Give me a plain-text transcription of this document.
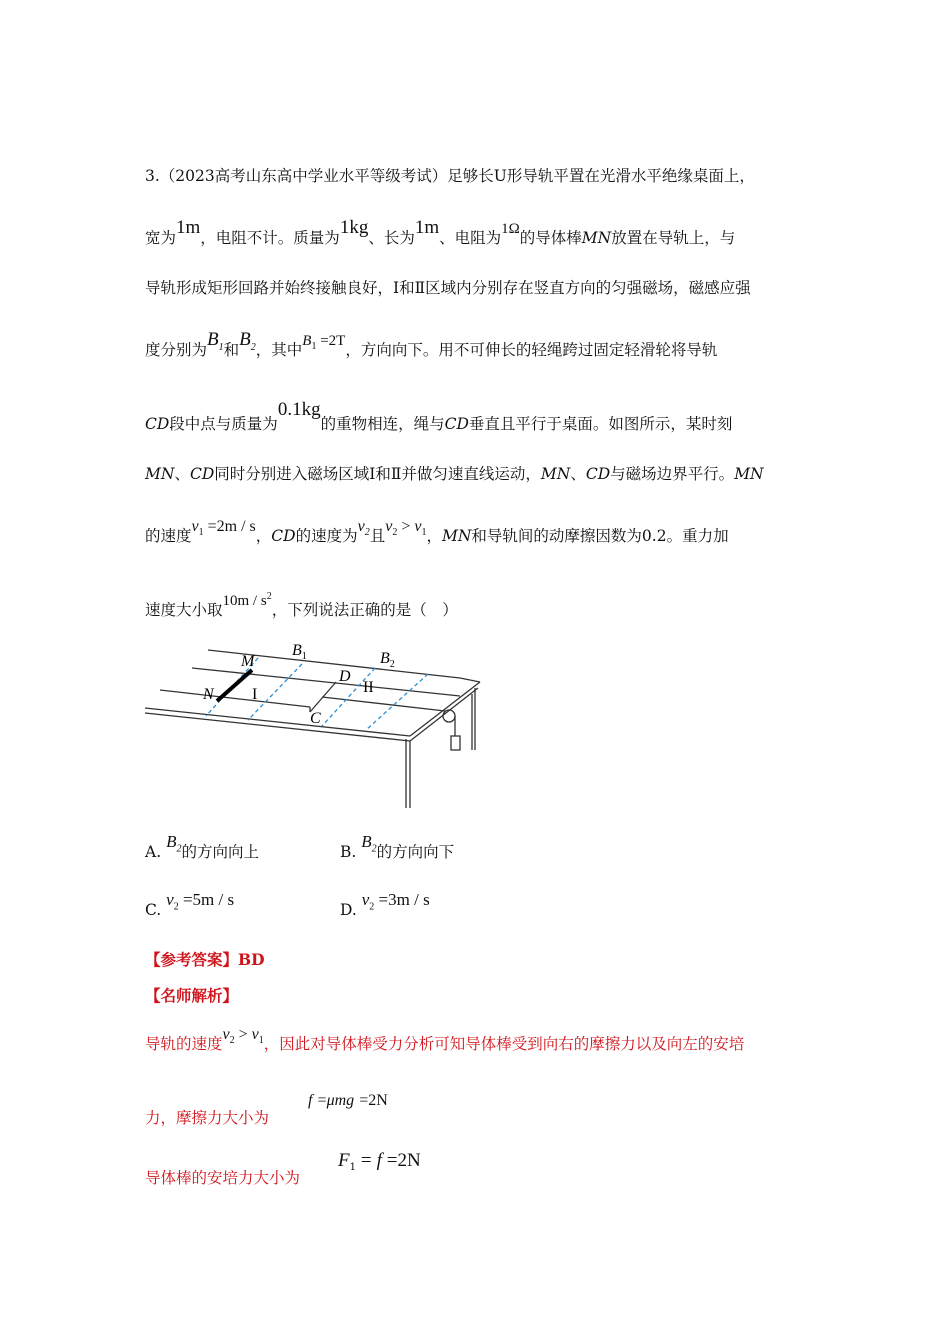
3.（2023高考山东高中学业水平等级考试）足够长U形导轨平置在光滑水平绝缘桌面上，
宽为1m，电阻不计。质量为1kg、长为1m、电阻为1Ω的导体棒MN放置在导轨上，与
导轨形成矩形回路并始终接触良好，Ⅰ和Ⅱ区域内分别存在竖直方向的匀强磁场，磁感应强
度分别为$B_1$和$B_2$，其中$B_1 =2T$，方向向下。用不可伸长的轻绳跨过固定轻滑轮将导轨
CD段中点与质量为0.1kg的重物相连，绳与CD垂直且平行于桌面。如图所示，某时刻
MN、CD同时分别进入磁场区域Ⅰ和Ⅱ并做匀速直线运动，MN、CD与磁场边界平行。MN
的速度$v_1 =2m / s$，CD的速度为$v_2$且$v_2 > v_1$，MN和导轨间的动摩擦因数为0.2。重力加
速度大小取$10m / s^2$，下列说法正确的是（　）
M
N
$B_1$	$B_2$
D
C
I	II
A. $B_2$的方向向上	B. $B_2$的方向向下
C. $v_2 =5m / s$
D. $v_2 =3m / s$
【参考答案】BD
【名师解析】
导轨的速度$v_2 > v_1$，因此对导体棒受力分析可知导体棒受到向右的摩擦力以及向左的安培
力，摩擦力大小为
f =μmg =2N
导体棒的安培力大小为
$F_1 = f =2N$
